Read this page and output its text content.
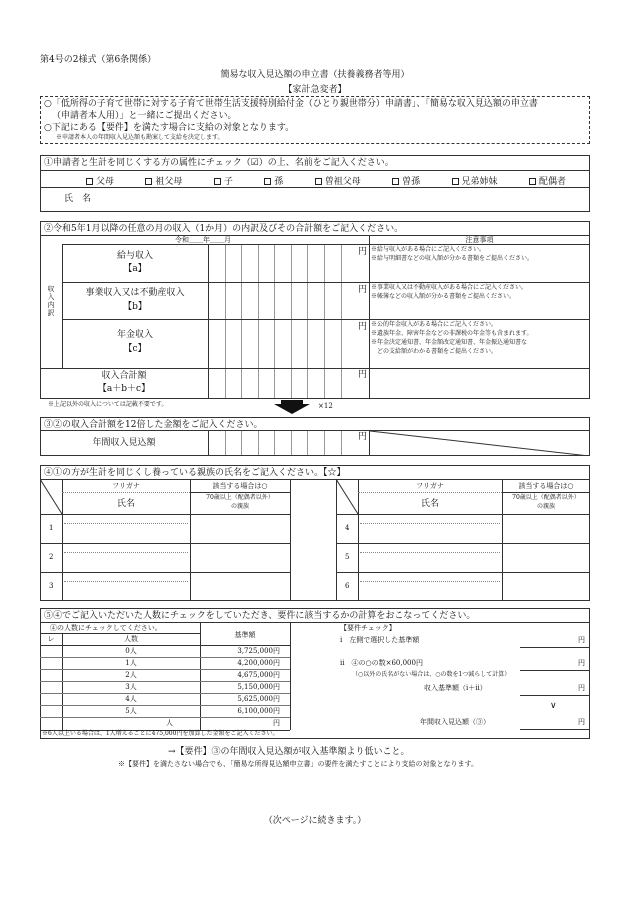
第4号の2様式（第6条関係）
簡易な収入見込額の申立書（扶養義務者等用）
【家計急変者】
○「低所得の子育て世帯に対する子育て世帯生活支援特別給付金（ひとり親世帯分）申請書」、「簡易な収入見込額の申立書
（申請者本人用）」と一緒にご提出ください。
○下記にある【要件】を満たす場合に支給の対象となります。
※申請者本人の年間収入見込額も勘案して支給を決定します。
①申請者と生計を同じくする方の属性にチェック（☑）の上、名前をご記入ください。
父母	祖父母	子	孫	曽祖父母	曽孫	兄弟姉妹	配偶者
氏　名
②令和5年1月以降の任意の月の収入（1か月）の内訳及びその合計額をご記入ください。
令和＿＿年＿＿月	注意事項
収入内訳
給与収入
【a】
円 ※給与収入がある場合にご記入ください。
※給与明細書などの収入額が分かる書類をご提出ください。
事業収入又は不動産収入
【b】
円 ※事業収入又は不動産収入がある場合にご記入ください。
※帳簿などの収入額が分かる書類をご提出ください。
年金収入
【c】
円 ※公的年金収入がある場合にご記入ください。
※遺族年金、障害年金などの非課税の年金等も含まれます。
※年金決定通知書、年金額改定通知書、年金振込通知書な
　どの支給額がわかる書類をご提出ください。
収入合計額
【a＋b＋c】
円
※上記以外の収入については記載不要です。	×12
③②の収入合計額を12倍した金額をご記入ください。
年間収入見込額
円
④①の方が生計を同じくし養っている親族の氏名をご記入ください。【☆】
フリガナ
氏名
該当する場合は○
70歳以上（配偶者以外）
の親族
1
2
3
フリガナ
氏名
該当する場合は○
70歳以上（配偶者以外）
の親族
4
5
6
⑤④でご記入いただいた人数にチェックをしていただき、要件に該当するかの計算をおこなってください。
④の人数にチェックしてください。
レ	人数	基準額
0人	3,725,000円
1人	4,200,000円
2人	4,675,000円
3人	5,150,000円
4人	5,625,000円
5人	6,100,000円
人	円
※6人以上いる場合は、1人増えるごとに475,000円を加算した金額をご記入ください。
【要件チェック】
i　左側で選択した基準額	円
ii　④の○の数×60,000円	円
（○以外の氏名がない場合は、○の数を1つ減らして計算）
収入基準額（i＋ii）	円
∨
年間収入見込額（③）	円
→【要件】③の年間収入見込額が収入基準額より低いこと。
※【要件】を満たさない場合でも、「簡易な所得見込額申立書」の要件を満たすことにより支給の対象となります。
（次ページに続きます。）
